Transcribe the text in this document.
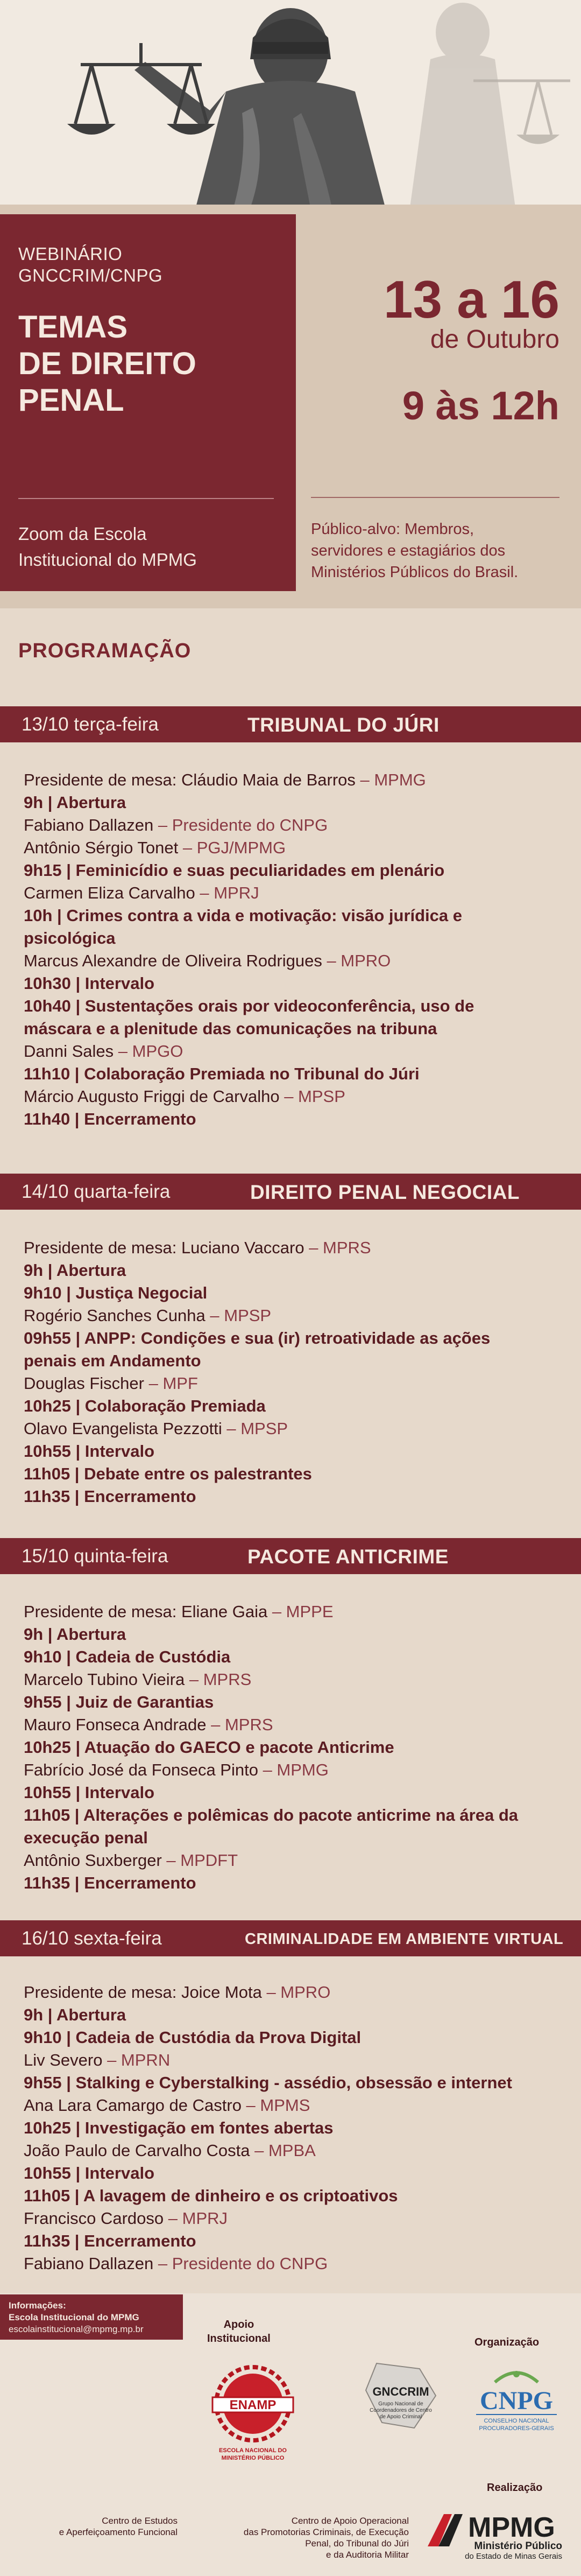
WEBINÁRIO
GNCCRIM/CNPG
TEMAS
DE DIREITO
PENAL
Zoom da Escola
Institucional do MPMG
13 a 16
de Outubro
9 às 12h
Público-alvo: Membros,
servidores e estagiários dos
Ministérios Públicos do Brasil.
PROGRAMAÇÃO
13/10 terça-feira	TRIBUNAL DO JÚRI
Presidente de mesa: Cláudio Maia de Barros – MPMG
9h | Abertura
Fabiano Dallazen – Presidente do CNPG
Antônio Sérgio Tonet – PGJ/MPMG
9h15 | Feminicídio e suas peculiaridades em plenário
Carmen Eliza Carvalho – MPRJ
10h | Crimes contra a vida e motivação: visão jurídica e
psicológica
Marcus Alexandre de Oliveira Rodrigues – MPRO
10h30 | Intervalo
10h40 | Sustentações orais por videoconferência, uso de
máscara e a plenitude das comunicações na tribuna
Danni Sales – MPGO
11h10 | Colaboração Premiada no Tribunal do Júri
Márcio Augusto Friggi de Carvalho – MPSP
11h40 | Encerramento
14/10 quarta-feira	DIREITO PENAL NEGOCIAL
Presidente de mesa: Luciano Vaccaro – MPRS
9h | Abertura
9h10 | Justiça Negocial
Rogério Sanches Cunha – MPSP
09h55 | ANPP: Condições e sua (ir) retroatividade as ações
penais em Andamento
Douglas Fischer – MPF
10h25 | Colaboração Premiada
Olavo Evangelista Pezzotti – MPSP
10h55 | Intervalo
11h05 | Debate entre os palestrantes
11h35 | Encerramento
15/10 quinta-feira	PACOTE ANTICRIME
Presidente de mesa: Eliane Gaia – MPPE
9h | Abertura
9h10 | Cadeia de Custódia
Marcelo Tubino Vieira – MPRS
9h55 | Juiz de Garantias
Mauro Fonseca Andrade – MPRS
10h25 | Atuação do GAECO e pacote Anticrime
Fabrício José da Fonseca Pinto – MPMG
10h55 | Intervalo
11h05 | Alterações e polêmicas do pacote anticrime na área da
execução penal
Antônio Suxberger – MPDFT
11h35 | Encerramento
16/10 sexta-feira	CRIMINALIDADE EM AMBIENTE VIRTUAL
Presidente de mesa: Joice Mota – MPRO
9h | Abertura
9h10 | Cadeia de Custódia da Prova Digital
Liv Severo – MPRN
9h55 | Stalking e Cyberstalking - assédio, obsessão e internet
Ana Lara Camargo de Castro – MPMS
10h25 | Investigação em fontes abertas
João Paulo de Carvalho Costa – MPBA
10h55 | Intervalo
11h05 | A lavagem de dinheiro e os criptoativos
Francisco Cardoso – MPRJ
11h35 | Encerramento
Fabiano Dallazen – Presidente do CNPG
Informações:
Escola Institucional do MPMG
escolainstitucional@mpmg.mp.br	Apoio
Institucional	Organização
Realização
ENAMP
ESCOLA NACIONAL DO
MINISTÉRIO PÚBLICO
GNCCRIM
Grupo Nacional de
Coordenadores de Centro
de Apoio Criminal
CNPG
CONSELHO NACIONAL
PROCURADORES-GERAIS
Centro de Estudos
e Aperfeiçoamento Funcional
Centro de Apoio Operacional
das Promotorias Criminais, de Execução
Penal, do Tribunal do Júri
e da Auditoria Militar
MPMG
Ministério Público
do Estado de Minas Gerais
